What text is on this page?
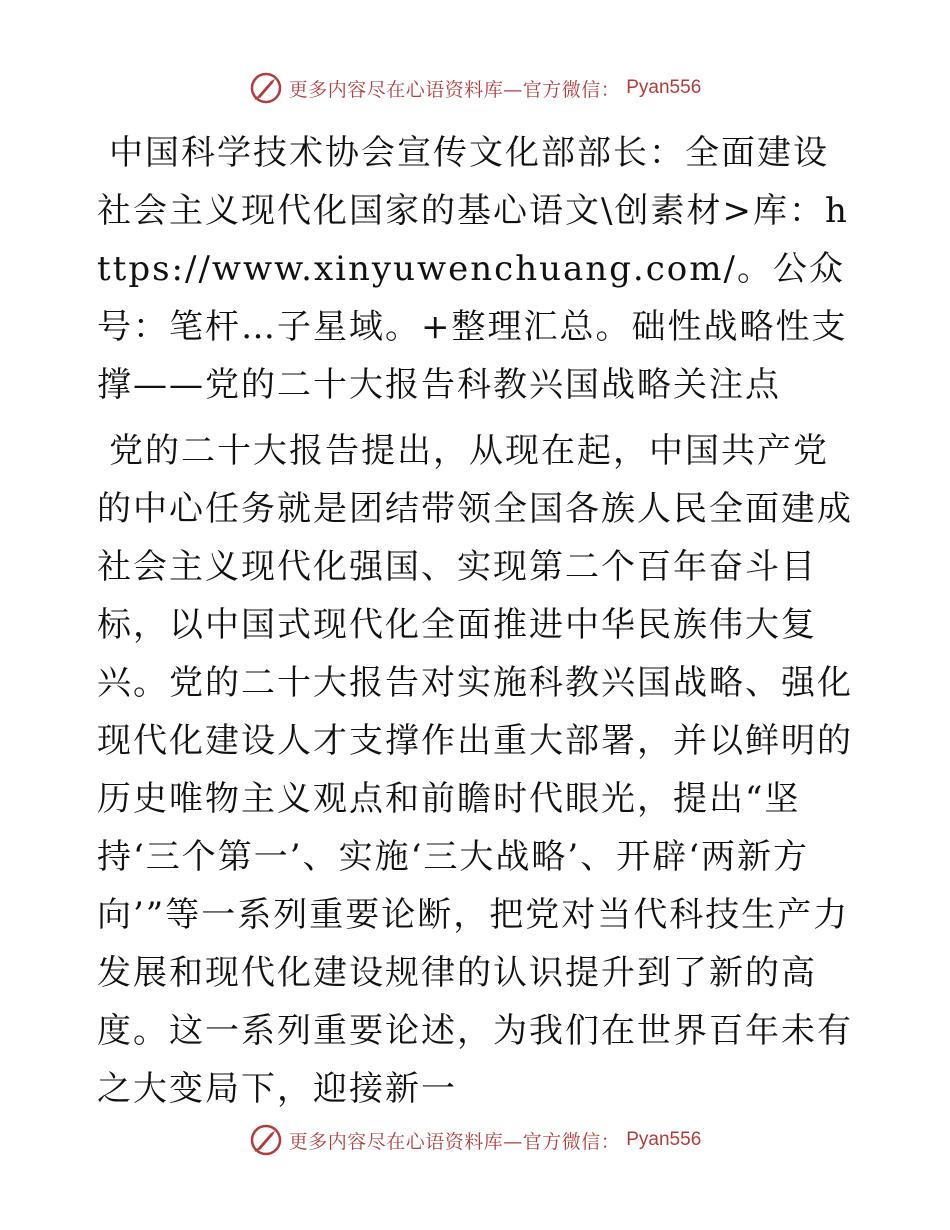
更多内容尽在心语资料库—官方微信： Pyan556

中国科学技术协会宣传文化部部长：全面建设社会主义现代化国家的基心语文\创素材>库：https://www.xinyuwenchuang.com/。公众号：笔杆…子星域。+整理汇总。础性战略性支撑——党的二十大报告科教兴国战略关注点

党的二十大报告提出，从现在起，中国共产党的中心任务就是团结带领全国各族人民全面建成社会主义现代化强国、实现第二个百年奋斗目标，以中国式现代化全面推进中华民族伟大复兴。党的二十大报告对实施科教兴国战略、强化现代化建设人才支撑作出重大部署，并以鲜明的历史唯物主义观点和前瞻时代眼光，提出“坚持‘三个第一’、实施‘三大战略’、开辟‘两新方向’”等一系列重要论断，把党对当代科技生产力发展和现代化建设规律的认识提升到了新的高度。这一系列重要论述，为我们在世界百年未有之大变局下，迎接新一

更多内容尽在心语资料库—官方微信： Pyan556
